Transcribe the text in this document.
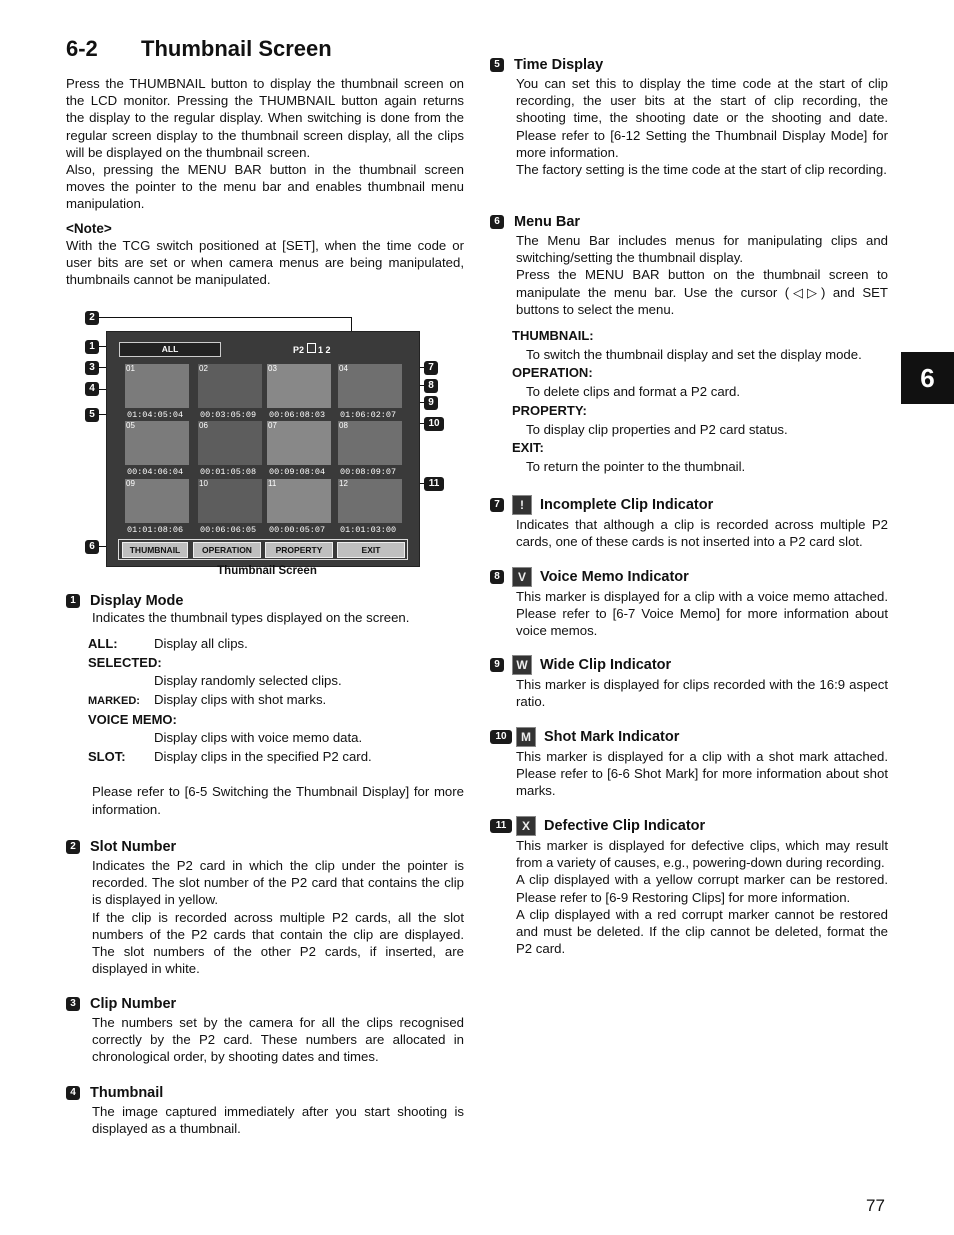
6-2 Thumbnail Screen
6

Press the THUMBNAIL button to display the thumbnail screen on the LCD monitor. Pressing the THUMBNAIL button again returns the display to the regular display. When switching is done from the regular screen display to the thumbnail screen display, all the clips will be displayed on the thumbnail screen.

Also, pressing the MENU BAR button in the thumbnail screen moves the pointer to the menu bar and enables thumbnail menu manipulation.

<Note>

With the TCG switch positioned at [SET], when the time code or user bits are set or when camera menus are being manipulated, thumbnails cannot be manipulated.

2
1
3
4
5
6
7
8
9
10
11
ALL	P2 1 2
01
01:04:05:04
02
00:03:05:09
03
00:06:08:03
04
01:06:02:07
05
00:04:06:04
06
00:01:05:08
07
00:09:08:04
08
00:08:09:07
09
01:01:08:06
10
00:06:06:05
11
00:00:05:07
12
01:01:03:00
THUMBNAIL	OPERATION	PROPERTY	EXIT
Thumbnail Screen
1 Display Mode

Indicates the thumbnail types displayed on the screen.

ALL:	Display all clips.
SELECTED:
Display randomly selected clips.
MARKED: Display clips with shot marks.
VOICE MEMO:
Display clips with voice memo data.
SLOT: Display clips in the specified P2 card.

Please refer to [6-5 Switching the Thumbnail Display] for more information.

2 Slot Number

Indicates the P2 card in which the clip under the pointer is recorded. The slot number of the P2 card that contains the clip is displayed in yellow.

If the clip is recorded across multiple P2 cards, all the slot numbers of the P2 cards that contain the clip are displayed. The slot numbers of the other P2 cards, if inserted, are displayed in white.

3 Clip Number

The numbers set by the camera for all the clips recognised correctly by the P2 card. These numbers are allocated in chronological order, by shooting dates and times.

4 Thumbnail

The image captured immediately after you start shooting is displayed as a thumbnail.

5 Time Display

You can set this to display the time code at the start of clip recording, the user bits at the start of clip recording, the shooting time, the shooting date or the shooting and date. Please refer to [6-12 Setting the Thumbnail Display Mode] for more information.

The factory setting is the time code at the start of clip recording.

6 Menu Bar

The Menu Bar includes menus for manipulating clips and switching/setting the thumbnail display.

Press the MENU BAR button on the thumbnail screen to manipulate the menu bar. Use the cursor (◁▷) and SET buttons to select the menu.

THUMBNAIL:
To switch the thumbnail display and set the display mode.
OPERATION:
To delete clips and format a P2 card.
PROPERTY:
To display clip properties and P2 card status.
EXIT:
To return the pointer to the thumbnail.
7	!	Incomplete Clip Indicator

Indicates that although a clip is recorded across multiple P2 cards, one of these cards is not inserted into a P2 card slot.

8	V Voice Memo Indicator

This marker is displayed for a clip with a voice memo attached. Please refer to [6-7 Voice Memo] for more information about voice memos.

9	W Wide Clip Indicator

This marker is displayed for clips recorded with the 16:9 aspect ratio.

10	M Shot Mark Indicator

This marker is displayed for a clip with a shot mark attached. Please refer to [6-6 Shot Mark] for more information about shot marks.

11	X Defective Clip Indicator

This marker is displayed for defective clips, which may result from a variety of causes, e.g., powering-down during recording.

A clip displayed with a yellow corrupt marker can be restored. Please refer to [6-9 Restoring Clips] for more information.

A clip displayed with a red corrupt marker cannot be restored and must be deleted. If the clip cannot be deleted, format the P2 card.

77
